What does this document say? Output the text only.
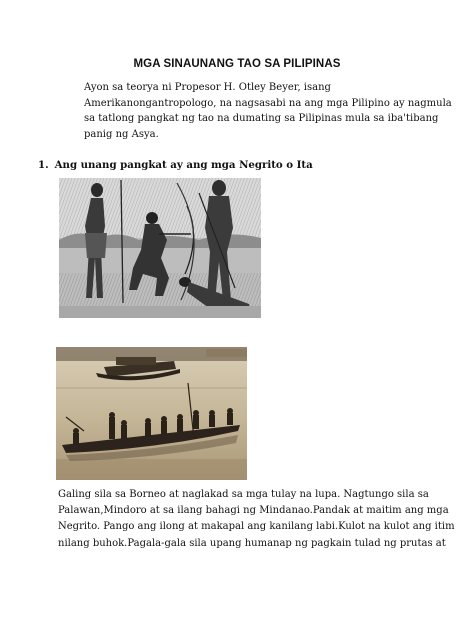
MGA SINAUNANG TAO SA PILIPINAS
Ayon sa teorya ni Propesor H. Otley Beyer, isang
Amerikanongantropologo, na nagsasabi na ang mga Pilipino ay nagmula
sa tatlong pangkat ng tao na dumating sa Pilipinas mula sa iba'tibang
panig ng Asya.
1. Ang unang pangkat ay ang mga Negrito o Ita
Galing sila sa Borneo at naglakad sa mga tulay na lupa. Nagtungo sila sa
Palawan,Mindoro at sa ilang bahagi ng Mindanao.Pandak at maitim ang mga
Negrito. Pango ang ilong at makapal ang kanilang labi.Kulot na kulot ang itim
nilang buhok.Pagala-gala sila upang humanap ng pagkain tulad ng prutas at
